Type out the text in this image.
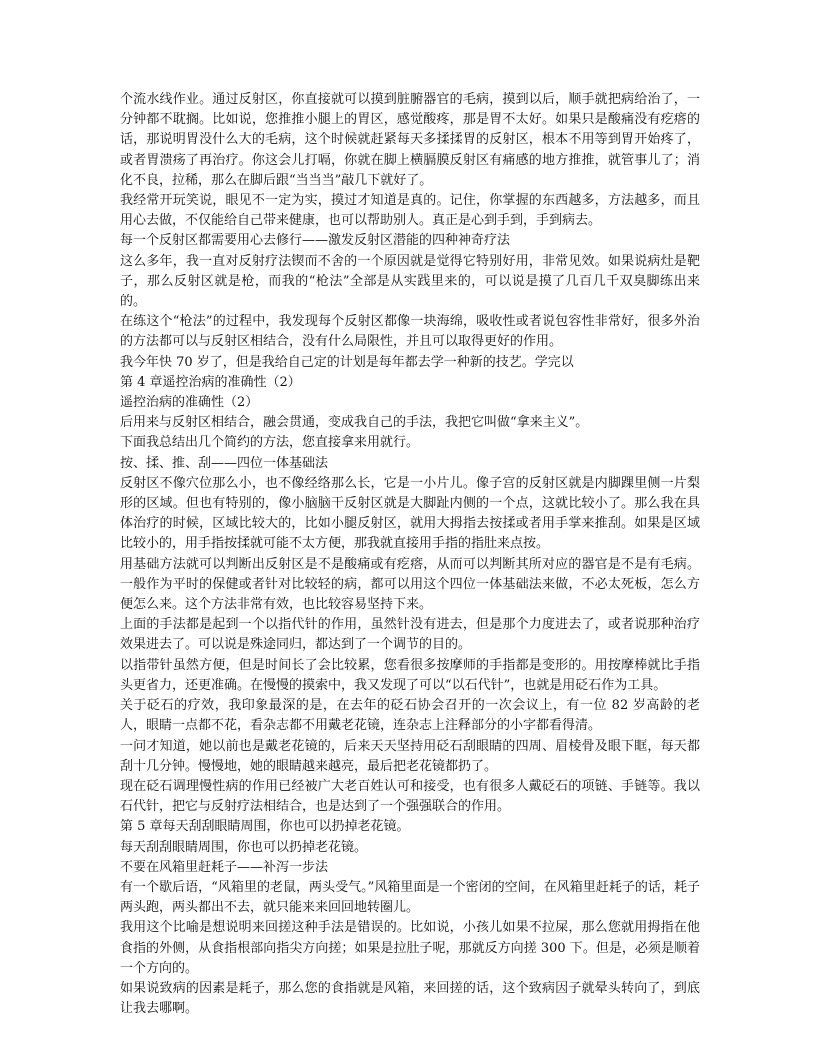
个流水线作业。通过反射区，你直接就可以摸到脏腑器官的毛病，摸到以后，顺手就把病给治了，一分钟都不耽搁。比如说，您推推小腿上的胃区，感觉酸疼，那是胃不太好。如果只是酸痛没有疙瘩的话，那说明胃没什么大的毛病，这个时候就赶紧每天多揉揉胃的反射区，根本不用等到胃开始疼了，或者胃溃疡了再治疗。你这会儿打嗝，你就在脚上横膈膜反射区有痛感的地方推推，就管事儿了；消化不良，拉稀，那么在脚后跟“当当当”敲几下就好了。

我经常开玩笑说，眼见不一定为实，摸过才知道是真的。记住，你掌握的东西越多，方法越多，而且用心去做，不仅能给自己带来健康，也可以帮助别人。真正是心到手到，手到病去。

每一个反射区都需要用心去修行——激发反射区潜能的四种神奇疗法

这么多年，我一直对反射疗法锲而不舍的一个原因就是觉得它特别好用，非常见效。如果说病灶是靶子，那么反射区就是枪，而我的“枪法”全部是从实践里来的，可以说是摸了几百几千双臭脚练出来的。

在练这个“枪法”的过程中，我发现每个反射区都像一块海绵，吸收性或者说包容性非常好，很多外治的方法都可以与反射区相结合，没有什么局限性，并且可以取得更好的作用。

我今年快 70 岁了，但是我给自己定的计划是每年都去学一种新的技艺。学完以

第 4 章遥控治病的准确性（2）

遥控治病的准确性（2）

后用来与反射区相结合，融会贯通，变成我自己的手法，我把它叫做“拿来主义”。

下面我总结出几个简约的方法，您直接拿来用就行。

按、揉、推、刮——四位一体基础法

反射区不像穴位那么小，也不像经络那么长，它是一小片儿。像子宫的反射区就是内脚踝里侧一片梨形的区域。但也有特别的，像小脑脑干反射区就是大脚趾内侧的一个点，这就比较小了。那么我在具体治疗的时候，区域比较大的，比如小腿反射区，就用大拇指去按揉或者用手掌来推刮。如果是区域比较小的，用手指按揉就可能不太方便，那我就直接用手指的指肚来点按。

用基础方法就可以判断出反射区是不是酸痛或有疙瘩，从而可以判断其所对应的器官是不是有毛病。一般作为平时的保健或者针对比较轻的病，都可以用这个四位一体基础法来做，不必太死板，怎么方便怎么来。这个方法非常有效，也比较容易坚持下来。

上面的手法都是起到一个以指代针的作用，虽然针没有进去，但是那个力度进去了，或者说那种治疗效果进去了。可以说是殊途同归，都达到了一个调节的目的。

以指带针虽然方便，但是时间长了会比较累，您看很多按摩师的手指都是变形的。用按摩棒就比手指头更省力，还更准确。在慢慢的摸索中，我又发现了可以“以石代针”，也就是用砭石作为工具。

关于砭石的疗效，我印象最深的是，在去年的砭石协会召开的一次会议上，有一位 82 岁高龄的老人，眼睛一点都不花，看杂志都不用戴老花镜，连杂志上注释部分的小字都看得清。

一问才知道，她以前也是戴老花镜的，后来天天坚持用砭石刮眼睛的四周、眉棱骨及眼下眶，每天都刮十几分钟。慢慢地，她的眼睛越来越亮，最后把老花镜都扔了。

现在砭石调理慢性病的作用已经被广大老百姓认可和接受，也有很多人戴砭石的项链、手链等。我以石代针，把它与反射疗法相结合，也是达到了一个强强联合的作用。

第 5 章每天刮刮眼睛周围，你也可以扔掉老花镜。

每天刮刮眼睛周围，你也可以扔掉老花镜。

不要在风箱里赶耗子——补泻一步法

有一个歇后语，“风箱里的老鼠，两头受气。”风箱里面是一个密闭的空间，在风箱里赶耗子的话，耗子两头跑，两头都出不去，就只能来来回回地转圈儿。

我用这个比喻是想说明来回搓这种手法是错误的。比如说，小孩儿如果不拉屎，那么您就用拇指在他食指的外侧，从食指根部向指尖方向搓；如果是拉肚子呢，那就反方向搓 300 下。但是，必须是顺着一个方向的。

如果说致病的因素是耗子，那么您的食指就是风箱，来回搓的话，这个致病因子就晕头转向了，到底让我去哪啊。
